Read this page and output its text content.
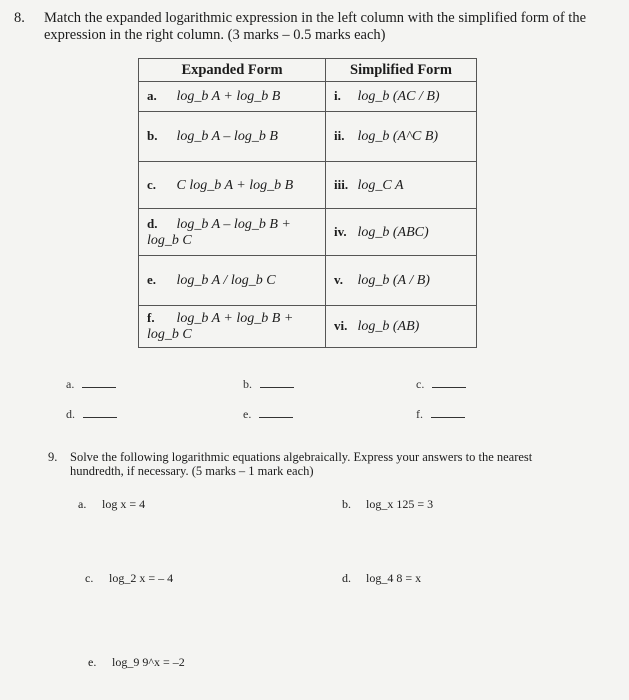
8. Match the expanded logarithmic expression in the left column with the simplified form of the expression in the right column. (3 marks – 0.5 marks each)
Expanded Form	Simplified Form
a. log_b A + log_b B	i. log_b (AC / B)
b. log_b A – log_b B	ii. log_b (A^C B)
c. C log_b A + log_b B	iii. log_C A
d. log_b A – log_b B + log_b C	iv. log_b (ABC)
e. log_b A / log_b C	v. log_b (A / B)
f. log_b A + log_b B + log_b C	vi. log_b (AB)
a.	b.	c.
d.	e.	f.
9. Solve the following logarithmic equations algebraically. Express your answers to the nearest hundredth, if necessary. (5 marks – 1 mark each)
a. log x = 4	b. log_x 125 = 3
c. log_2 x = – 4	d. log_4 8 = x
e. log_9 9^x = –2
